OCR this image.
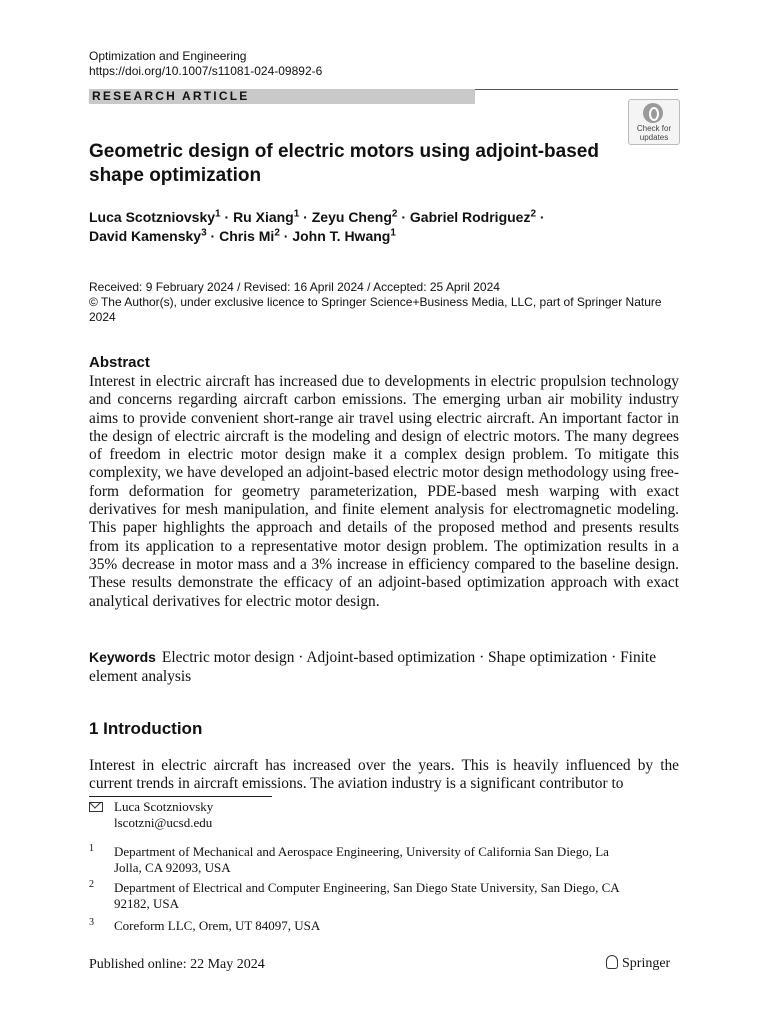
Optimization and Engineering
https://doi.org/10.1007/s11081-024-09892-6
RESEARCH ARTICLE
Check for
updates
Geometric design of electric motors using adjoint-based
shape optimization
Luca Scotzniovsky$^1$ · Ru Xiang$^1$ · Zeyu Cheng$^2$ · Gabriel Rodriguez$^2$ ·
David Kamensky$^3$ · Chris $Mi^2$ · John T. Hwang$^1$
Received: 9 February 2024 / Revised: 16 April 2024 / Accepted: 25 April 2024
© The Author(s), under exclusive licence to Springer Science+Business Media, LLC, part of Springer Nature
2024
Abstract
Interest in electric aircraft has increased due to developments in electric propulsion technology and concerns regarding aircraft carbon emissions. The emerging urban air mobility industry aims to provide convenient short-range air travel using electric aircraft. An important factor in the design of electric aircraft is the modeling and design of electric motors. The many degrees of freedom in electric motor design make it a complex design problem. To mitigate this complexity, we have developed an adjoint-based electric motor design methodology using free-form deformation for geometry parameterization, PDE-based mesh warping with exact derivatives for mesh manipulation, and finite element analysis for electromagnetic modeling. This paper highlights the approach and details of the proposed method and presents results from its application to a representative motor design problem. The optimization results in a 35% decrease in motor mass and a 3% increase in efficiency compared to the baseline design. These results demonstrate the efficacy of an adjoint-based optimization approach with exact analytical derivatives for electric motor design.
Keywords Electric motor design · Adjoint-based optimization · Shape optimization · Finite element analysis
1 Introduction
Interest in electric aircraft has increased over the years. This is heavily influenced by the current trends in aircraft emissions. The aviation industry is a significant contributor to
Luca Scotzniovsky
lscotzni@ucsd.edu
1 Department of Mechanical and Aerospace Engineering, University of California San Diego, La
Jolla, CA 92093, USA
2 Department of Electrical and Computer Engineering, San Diego State University, San Diego, CA
92182, USA
3 Coreform LLC, Orem, UT 84097, USA
Published online: 22 May 2024	Springer
